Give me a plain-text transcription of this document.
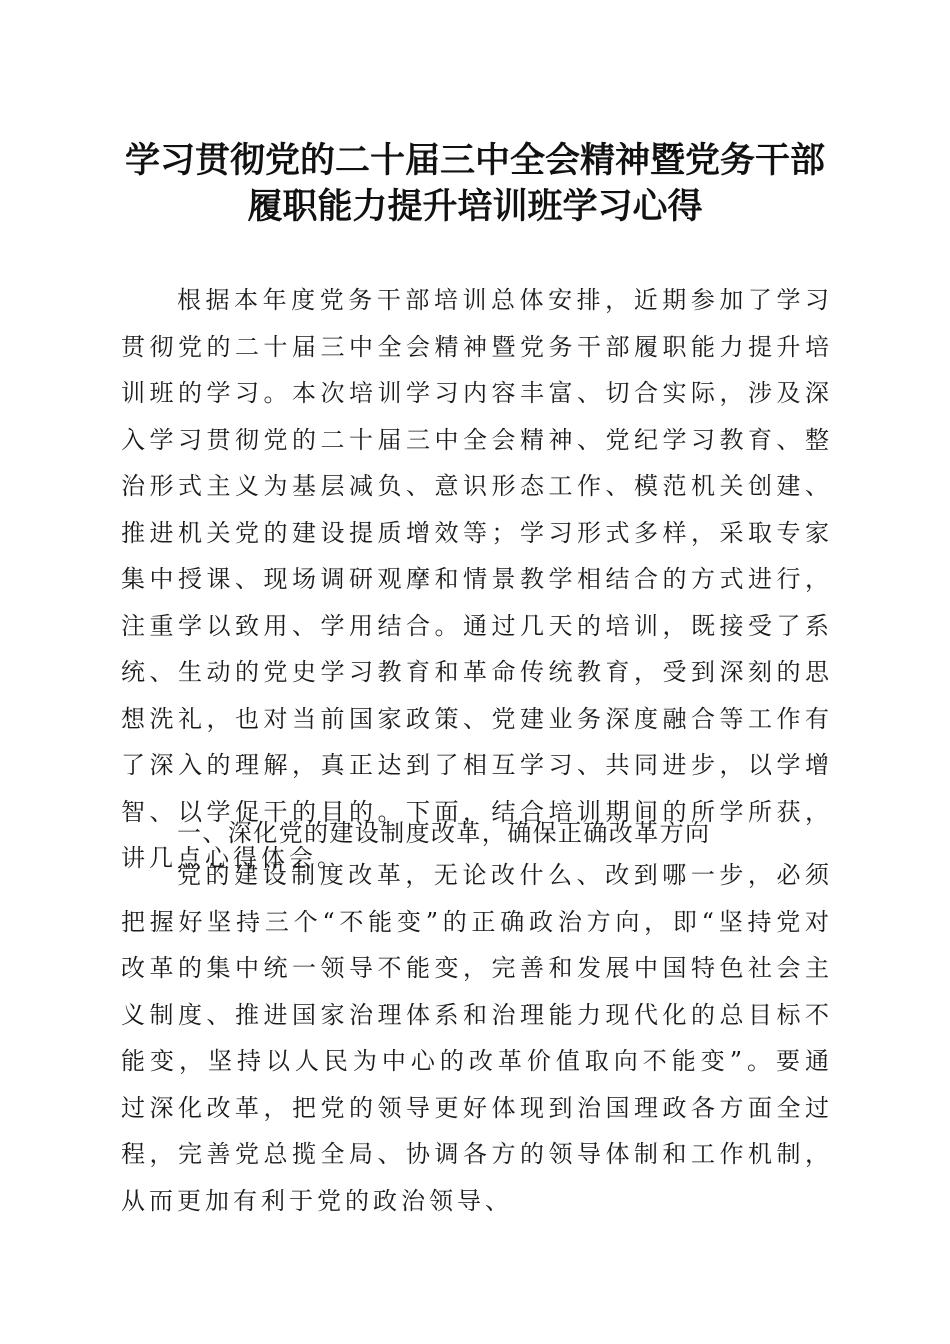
学习贯彻党的二十届三中全会精神暨党务干部
履职能力提升培训班学习心得

根据本年度党务干部培训总体安排，近期参加了学习贯彻党的二十届三中全会精神暨党务干部履职能力提升培训班的学习。本次培训学习内容丰富、切合实际，涉及深入学习贯彻党的二十届三中全会精神、党纪学习教育、整治形式主义为基层减负、意识形态工作、模范机关创建、推进机关党的建设提质增效等；学习形式多样，采取专家集中授课、现场调研观摩和情景教学相结合的方式进行，注重学以致用、学用结合。通过几天的培训，既接受了系统、生动的党史学习教育和革命传统教育，受到深刻的思想洗礼，也对当前国家政策、党建业务深度融合等工作有了深入的理解，真正达到了相互学习、共同进步，以学增智、以学促干的目的。下面，结合培训期间的所学所获，讲几点心得体会。

一、深化党的建设制度改革，确保正确改革方向

党的建设制度改革，无论改什么、改到哪一步，必须把握好坚持三个“不能变”的正确政治方向，即“坚持党对改革的集中统一领导不能变，完善和发展中国特色社会主义制度、推进国家治理体系和治理能力现代化的总目标不能变，坚持以人民为中心的改革价值取向不能变”。要通过深化改革，把党的领导更好体现到治国理政各方面全过程，完善党总揽全局、协调各方的领导体制和工作机制，从而更加有利于党的政治领导、
